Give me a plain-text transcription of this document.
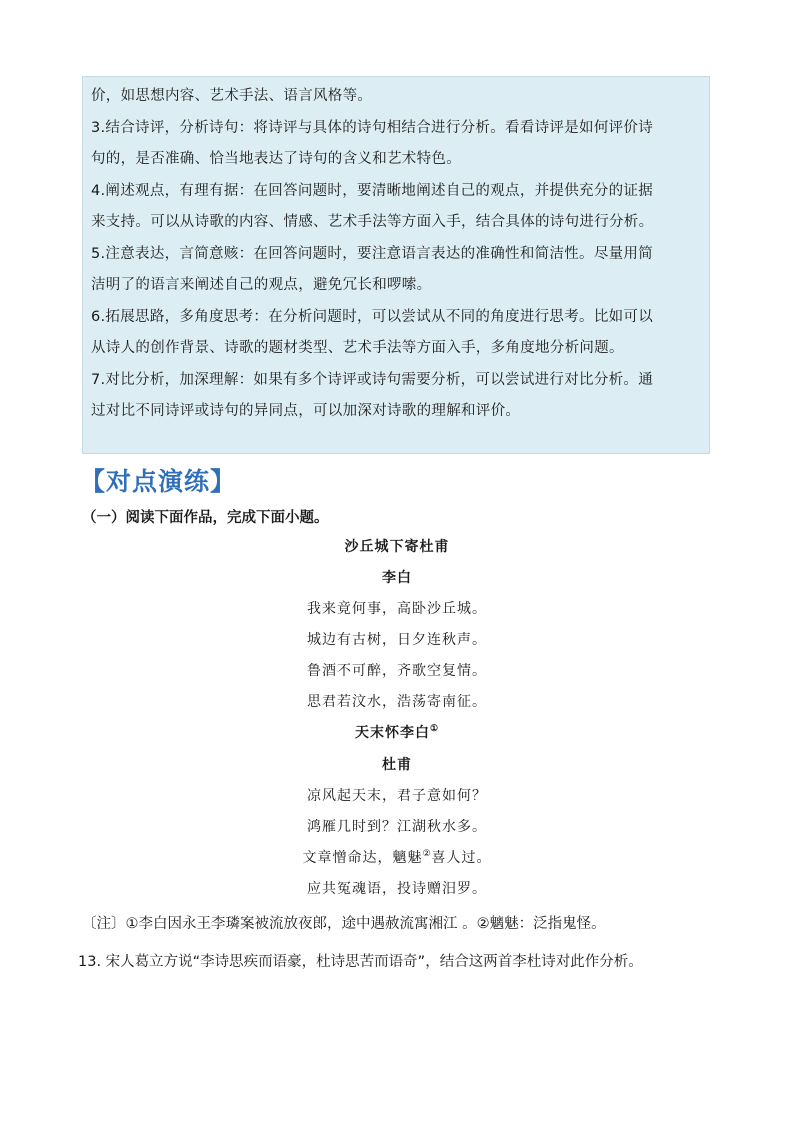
价，如思想内容、艺术手法、语言风格等。

3.结合诗评，分析诗句：将诗评与具体的诗句相结合进行分析。看看诗评是如何评价诗

句的，是否准确、恰当地表达了诗句的含义和艺术特色。

4.阐述观点，有理有据：在回答问题时，要清晰地阐述自己的观点，并提供充分的证据

来支持。可以从诗歌的内容、情感、艺术手法等方面入手，结合具体的诗句进行分析。

5.注意表达，言简意赅：在回答问题时，要注意语言表达的准确性和简洁性。尽量用简

洁明了的语言来阐述自己的观点，避免冗长和啰嗦。

6.拓展思路，多角度思考：在分析问题时，可以尝试从不同的角度进行思考。比如可以

从诗人的创作背景、诗歌的题材类型、艺术手法等方面入手，多角度地分析问题。

7.对比分析，加深理解：如果有多个诗评或诗句需要分析，可以尝试进行对比分析。通

过对比不同诗评或诗句的异同点，可以加深对诗歌的理解和评价。

【对点演练】
（一）阅读下面作品，完成下面小题。
沙丘城下寄杜甫
李白
我来竟何事，高卧沙丘城。
城边有古树，日夕连秋声。
鲁酒不可醉，齐歌空复情。
思君若汶水，浩荡寄南征。
天末怀李白①
杜甫
凉风起天末，君子意如何？
鸿雁几时到？江湖秋水多。
文章憎命达，魑魅②喜人过。
应共冤魂语，投诗赠汨罗。
〔注〕①李白因永王李璘案被流放夜郎，途中遇赦流寓湘江 。②魑魅：泛指鬼怪。
13. 宋人葛立方说“李诗思疾而语豪，杜诗思苦而语奇”，结合这两首李杜诗对此作分析。
